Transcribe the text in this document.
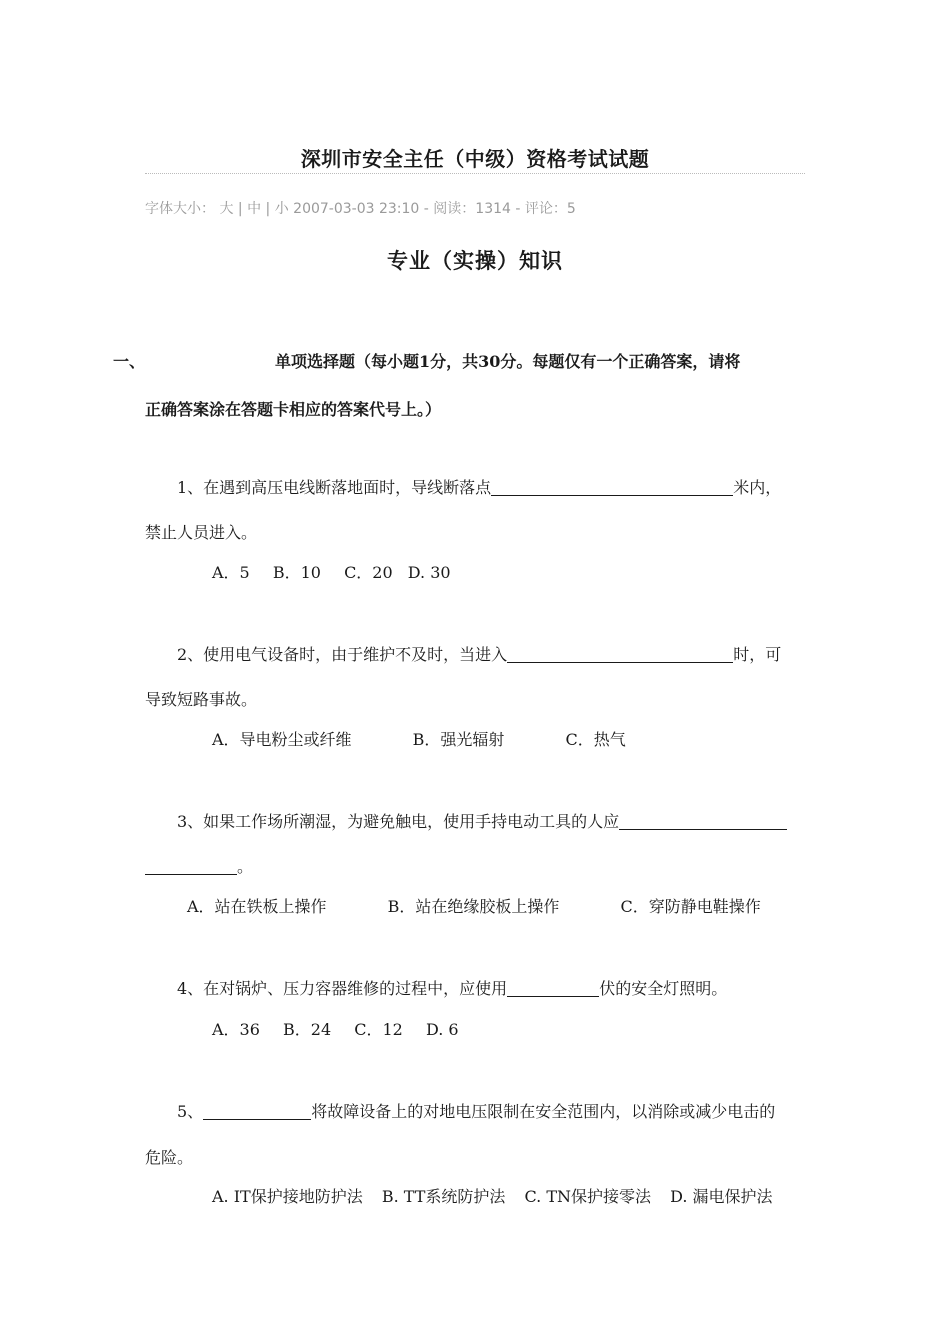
深圳市安全主任（中级）资格考试试题
字体大小： 大 | 中 | 小 2007-03-03 23:10 - 阅读：1314 - 评论：5
专业（实操）知识
一、	单项选择题（每小题1分，共30分。每题仅有一个正确答案，请将
正确答案涂在答题卡相应的答案代号上。）
1、在遇到高压电线断落地面时，导线断落点	米内，
禁止人员进入。
A．5 B．10 C．20 D. 30
2、使用电气设备时，由于维护不及时，当进入	时，可
导致短路事故。
A．导电粉尘或纤维	B．强光辐射	C．热气
3、如果工作场所潮湿，为避免触电，使用手持电动工具的人应
。
A．站在铁板上操作	B．站在绝缘胶板上操作	C．穿防静电鞋操作
4、在对锅炉、压力容器维修的过程中，应使用	伏的安全灯照明。
A．36 B．24 C．12 D. 6
5、	将故障设备上的对地电压限制在安全范围内，以消除或减少电击的
危险。
A. IT保护接地防护法 B. TT系统防护法 C. TN保护接零法 D. 漏电保护法
